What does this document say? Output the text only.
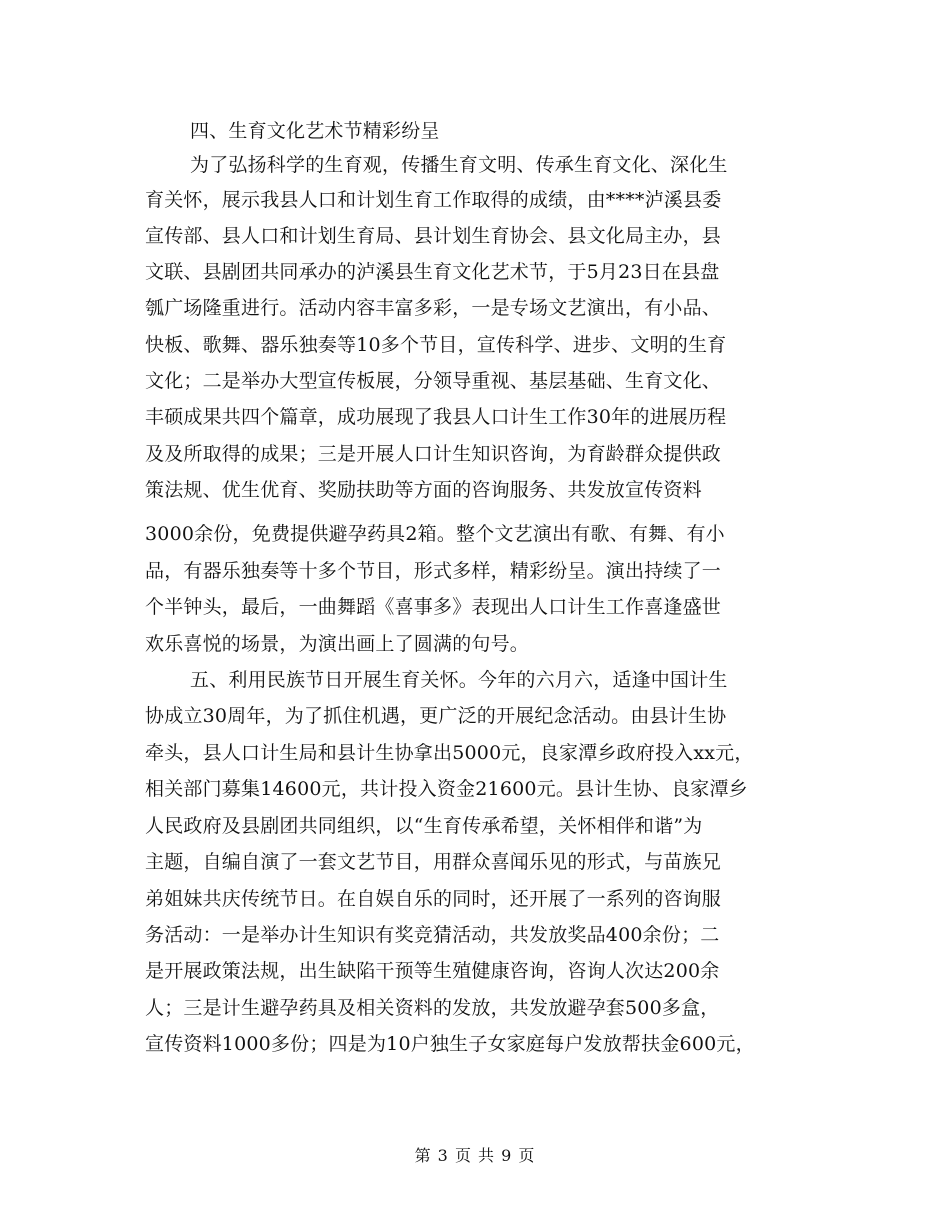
四、生育文化艺术节精彩纷呈
为了弘扬科学的生育观，传播生育文明、传承生育文化、深化生
育关怀，展示我县人口和计划生育工作取得的成绩，由****泸溪县委
宣传部、县人口和计划生育局、县计划生育协会、县文化局主办，县
文联、县剧团共同承办的泸溪县生育文化艺术节，于5月23日在县盘
瓠广场隆重进行。活动内容丰富多彩，一是专场文艺演出，有小品、
快板、歌舞、器乐独奏等10多个节目，宣传科学、进步、文明的生育
文化；二是举办大型宣传板展，分领导重视、基层基础、生育文化、
丰硕成果共四个篇章，成功展现了我县人口计生工作30年的进展历程
及及所取得的成果；三是开展人口计生知识咨询，为育龄群众提供政
策法规、优生优育、奖励扶助等方面的咨询服务、共发放宣传资料
3000余份，免费提供避孕药具2箱。整个文艺演出有歌、有舞、有小
品，有器乐独奏等十多个节目，形式多样，精彩纷呈。演出持续了一
个半钟头，最后，一曲舞蹈《喜事多》表现出人口计生工作喜逢盛世
欢乐喜悦的场景，为演出画上了圆满的句号。
五、利用民族节日开展生育关怀。今年的六月六，适逢中国计生
协成立30周年，为了抓住机遇，更广泛的开展纪念活动。由县计生协
牵头，县人口计生局和县计生协拿出5000元，良家潭乡政府投入xx元，
相关部门募集14600元，共计投入资金21600元。县计生协、良家潭乡
人民政府及县剧团共同组织，以“生育传承希望，关怀相伴和谐”为
主题，自编自演了一套文艺节目，用群众喜闻乐见的形式，与苗族兄
弟姐妹共庆传统节日。在自娱自乐的同时，还开展了一系列的咨询服
务活动：一是举办计生知识有奖竞猜活动，共发放奖品400余份；二
是开展政策法规，出生缺陷干预等生殖健康咨询，咨询人次达200余
人；三是计生避孕药具及相关资料的发放，共发放避孕套500多盒，
宣传资料1000多份；四是为10户独生子女家庭每户发放帮扶金600元，
第 3 页 共 9 页
